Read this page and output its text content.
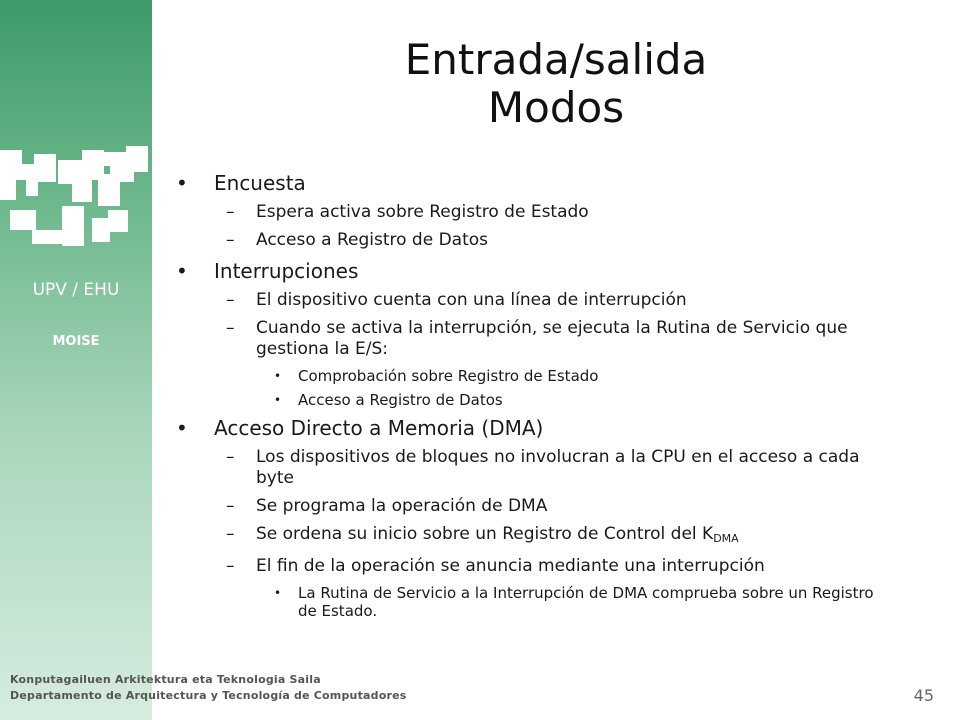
UPV / EHU
MOISE
Entrada/salida
Modos
• Encuesta
– Espera activa sobre Registro de Estado
– Acceso a Registro de Datos
• Interrupciones
– El dispositivo cuenta con una línea de interrupción
– Cuando se activa la interrupción, se ejecuta la Rutina de Servicio que gestiona la E/S:
• Comprobación sobre Registro de Estado
• Acceso a Registro de Datos
• Acceso Directo a Memoria (DMA)
– Los dispositivos de bloques no involucran a la CPU en el acceso a cada byte
– Se programa la operación de DMA
– Se ordena su inicio sobre un Registro de Control del $K_{DMA}$
– El fin de la operación se anuncia mediante una interrupción
• La Rutina de Servicio a la Interrupción de DMA comprueba sobre un Registro de Estado.
Konputagailuen Arkitektura eta Teknologia Saila
Departamento de Arquitectura y Tecnología de Computadores	45
